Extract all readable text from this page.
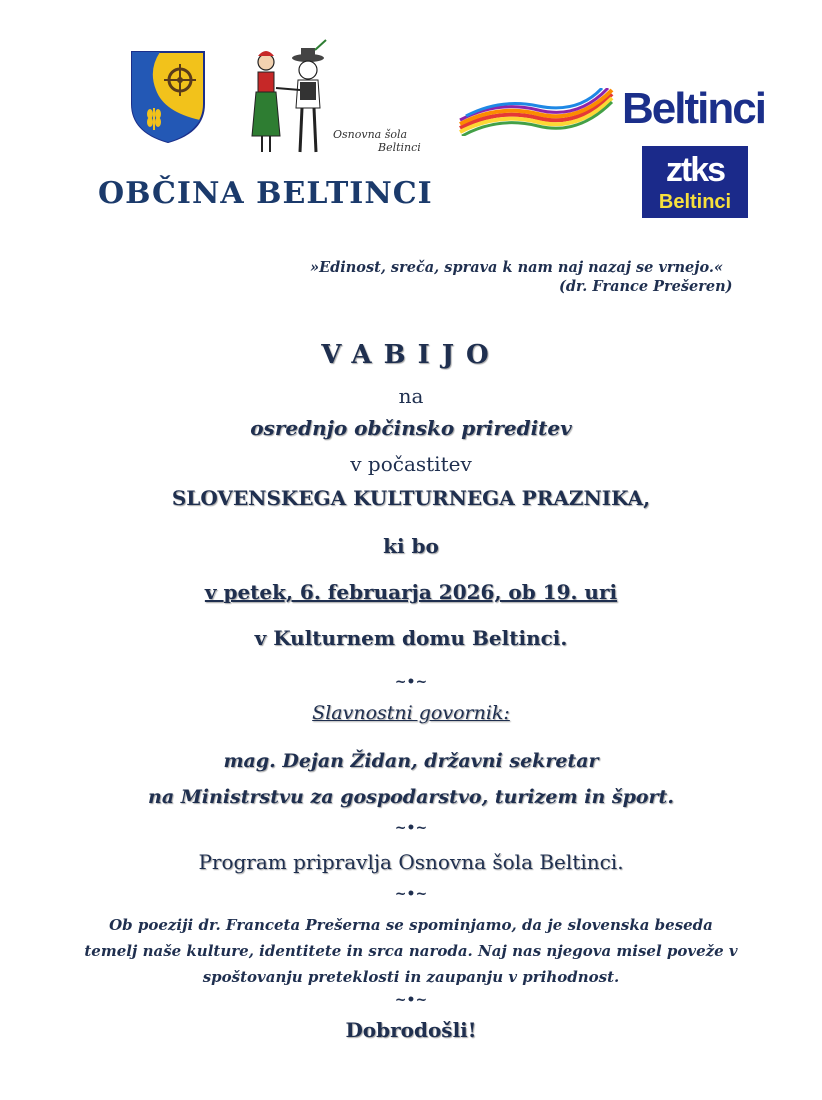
Osnovna šola
Beltinci
OBČINA BELTINCI
Beltinci
ztks
Beltinci
»Edinost, sreča, sprava k nam naj nazaj se vrnejo.«
(dr. France Prešeren)
VABIJO
na
osrednjo občinsko prireditev
v počastitev
SLOVENSKEGA KULTURNEGA PRAZNIKA,
ki bo
v petek, 6. februarja 2026, ob 19. uri
v Kulturnem domu Beltinci.
~•~
Slavnostni govornik:
mag. Dejan Židan, državni sekretar
na Ministrstvu za gospodarstvo, turizem in šport.
~•~
Program pripravlja Osnovna šola Beltinci.
~•~
Ob poeziji dr. Franceta Prešerna se spominjamo, da je slovenska beseda
temelj naše kulture, identitete in srca naroda. Naj nas njegova misel poveže v
spoštovanju preteklosti in zaupanju v prihodnost.
~•~
Dobrodošli!
